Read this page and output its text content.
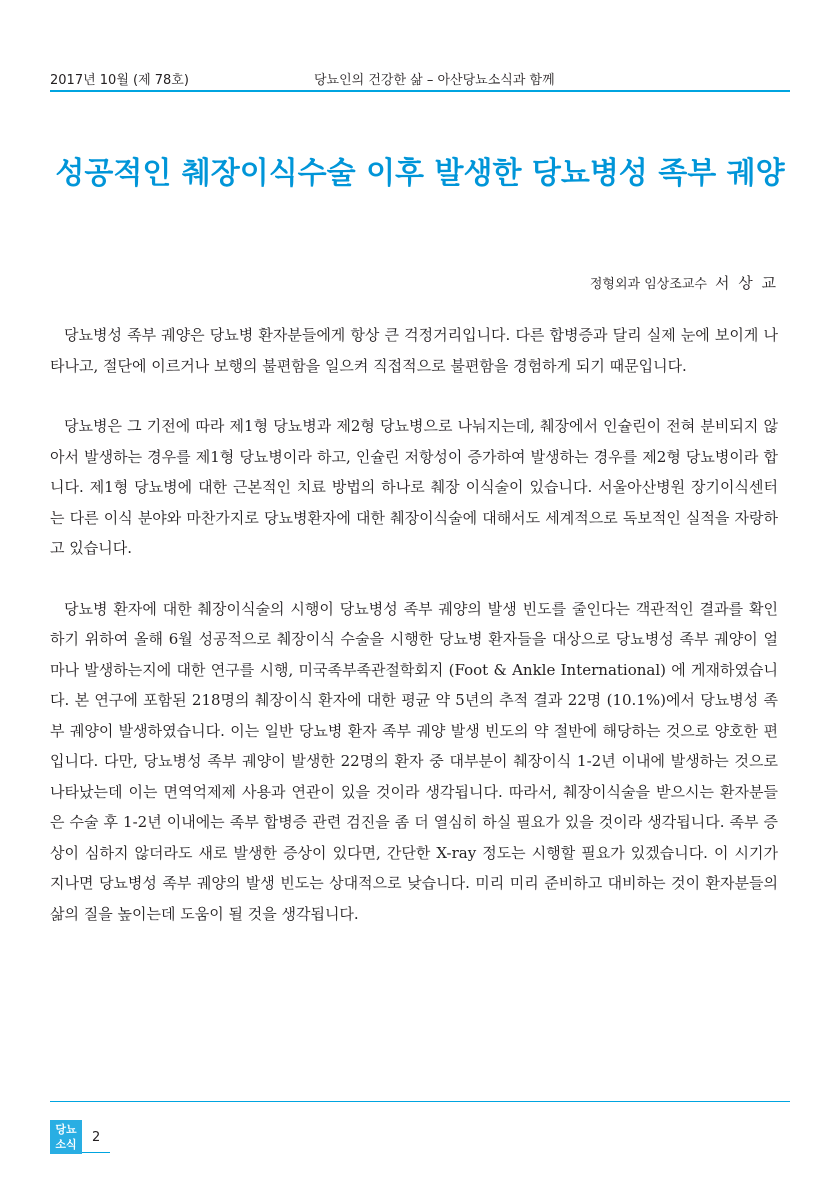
2017년 10월 (제 78호)	당뇨인의 건강한 삶 – 아산당뇨소식과 함께
성공적인 췌장이식수술 이후 발생한 당뇨병성 족부 궤양
정형외과 임상조교수 서 상 교

당뇨병성 족부 궤양은 당뇨병 환자분들에게 항상 큰 걱정거리입니다. 다른 합병증과 달리 실제 눈에 보이게 나타나고, 절단에 이르거나 보행의 불편함을 일으켜 직접적으로 불편함을 경험하게 되기 때문입니다.

당뇨병은 그 기전에 따라 제1형 당뇨병과 제2형 당뇨병으로 나눠지는데, 췌장에서 인슐린이 전혀 분비되지 않아서 발생하는 경우를 제1형 당뇨병이라 하고, 인슐린 저항성이 증가하여 발생하는 경우를 제2형 당뇨병이라 합니다. 제1형 당뇨병에 대한 근본적인 치료 방법의 하나로 췌장 이식술이 있습니다. 서울아산병원 장기이식센터는 다른 이식 분야와 마찬가지로 당뇨병환자에 대한 췌장이식술에 대해서도 세계적으로 독보적인 실적을 자랑하고 있습니다.

당뇨병 환자에 대한 췌장이식술의 시행이 당뇨병성 족부 궤양의 발생 빈도를 줄인다는 객관적인 결과를 확인하기 위하여 올해 6월 성공적으로 췌장이식 수술을 시행한 당뇨병 환자들을 대상으로 당뇨병성 족부 궤양이 얼마나 발생하는지에 대한 연구를 시행, 미국족부족관절학회지 (Foot & Ankle International) 에 게재하였습니다. 본 연구에 포함된 218명의 췌장이식 환자에 대한 평균 약 5년의 추적 결과 22명 (10.1%)에서 당뇨병성 족부 궤양이 발생하였습니다. 이는 일반 당뇨병 환자 족부 궤양 발생 빈도의 약 절반에 해당하는 것으로 양호한 편입니다. 다만, 당뇨병성 족부 궤양이 발생한 22명의 환자 중 대부분이 췌장이식 1-2년 이내에 발생하는 것으로 나타났는데 이는 면역억제제 사용과 연관이 있을 것이라 생각됩니다. 따라서, 췌장이식술을 받으시는 환자분들은 수술 후 1-2년 이내에는 족부 합병증 관련 검진을 좀 더 열심히 하실 필요가 있을 것이라 생각됩니다. 족부 증상이 심하지 않더라도 새로 발생한 증상이 있다면, 간단한 X-ray 정도는 시행할 필요가 있겠습니다. 이 시기가 지나면 당뇨병성 족부 궤양의 발생 빈도는 상대적으로 낮습니다. 미리 미리 준비하고 대비하는 것이 환자분들의 삶의 질을 높이는데 도움이 될 것을 생각됩니다.

당뇨
소식	2
